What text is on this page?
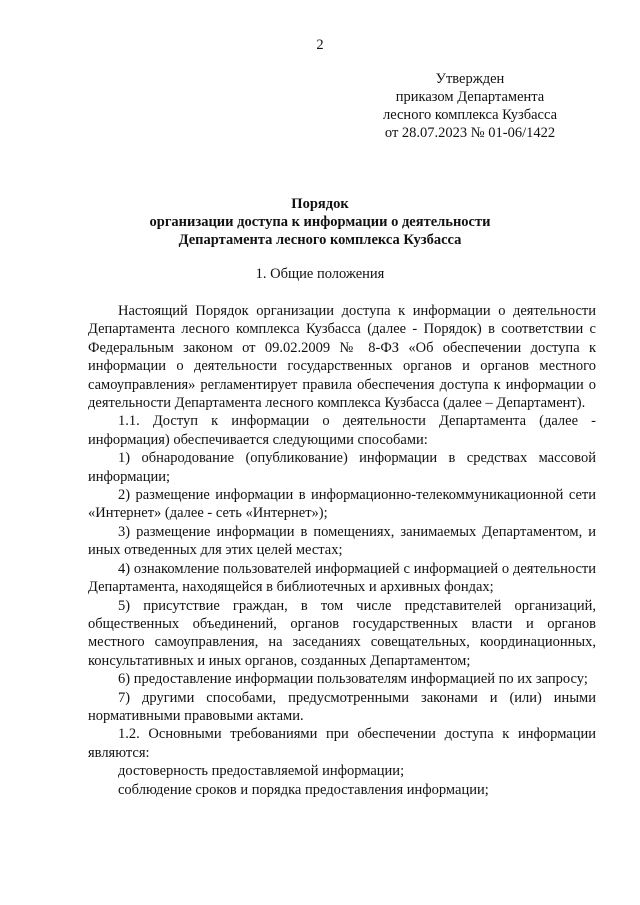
2
Утвержден
приказом Департамента
лесного комплекса Кузбасса
от 28.07.2023 № 01-06/1422
Порядок
организации доступа к информации о деятельности
Департамента лесного комплекса Кузбасса
1. Общие положения

Настоящий Порядок организации доступа к информации о деятельности Департамента лесного комплекса Кузбасса (далее - Порядок) в соответствии с Федеральным законом от 09.02.2009 № 8-ФЗ «Об обеспечении доступа к информации о деятельности государственных органов и органов местного самоуправления» регламентирует правила обеспечения доступа к информации о деятельности Департамента лесного комплекса Кузбасса (далее – Департамент).

1.1. Доступ к информации о деятельности Департамента (далее - информация) обеспечивается следующими способами:

1) обнародование (опубликование) информации в средствах массовой информации;

2) размещение информации в информационно-телекоммуникационной сети «Интернет» (далее - сеть «Интернет»);

3) размещение информации в помещениях, занимаемых Департаментом, и иных отведенных для этих целей местах;

4) ознакомление пользователей информацией с информацией о деятельности Департамента, находящейся в библиотечных и архивных фондах;

5) присутствие граждан, в том числе представителей организаций, общественных объединений, органов государственных власти и органов местного самоуправления, на заседаниях совещательных, координационных, консультативных и иных органов, созданных Департаментом;

6) предоставление информации пользователям информацией по их запросу;

7) другими способами, предусмотренными законами и (или) иными нормативными правовыми актами.

1.2. Основными требованиями при обеспечении доступа к информации являются:

достоверность предоставляемой информации;

соблюдение сроков и порядка предоставления информации;
